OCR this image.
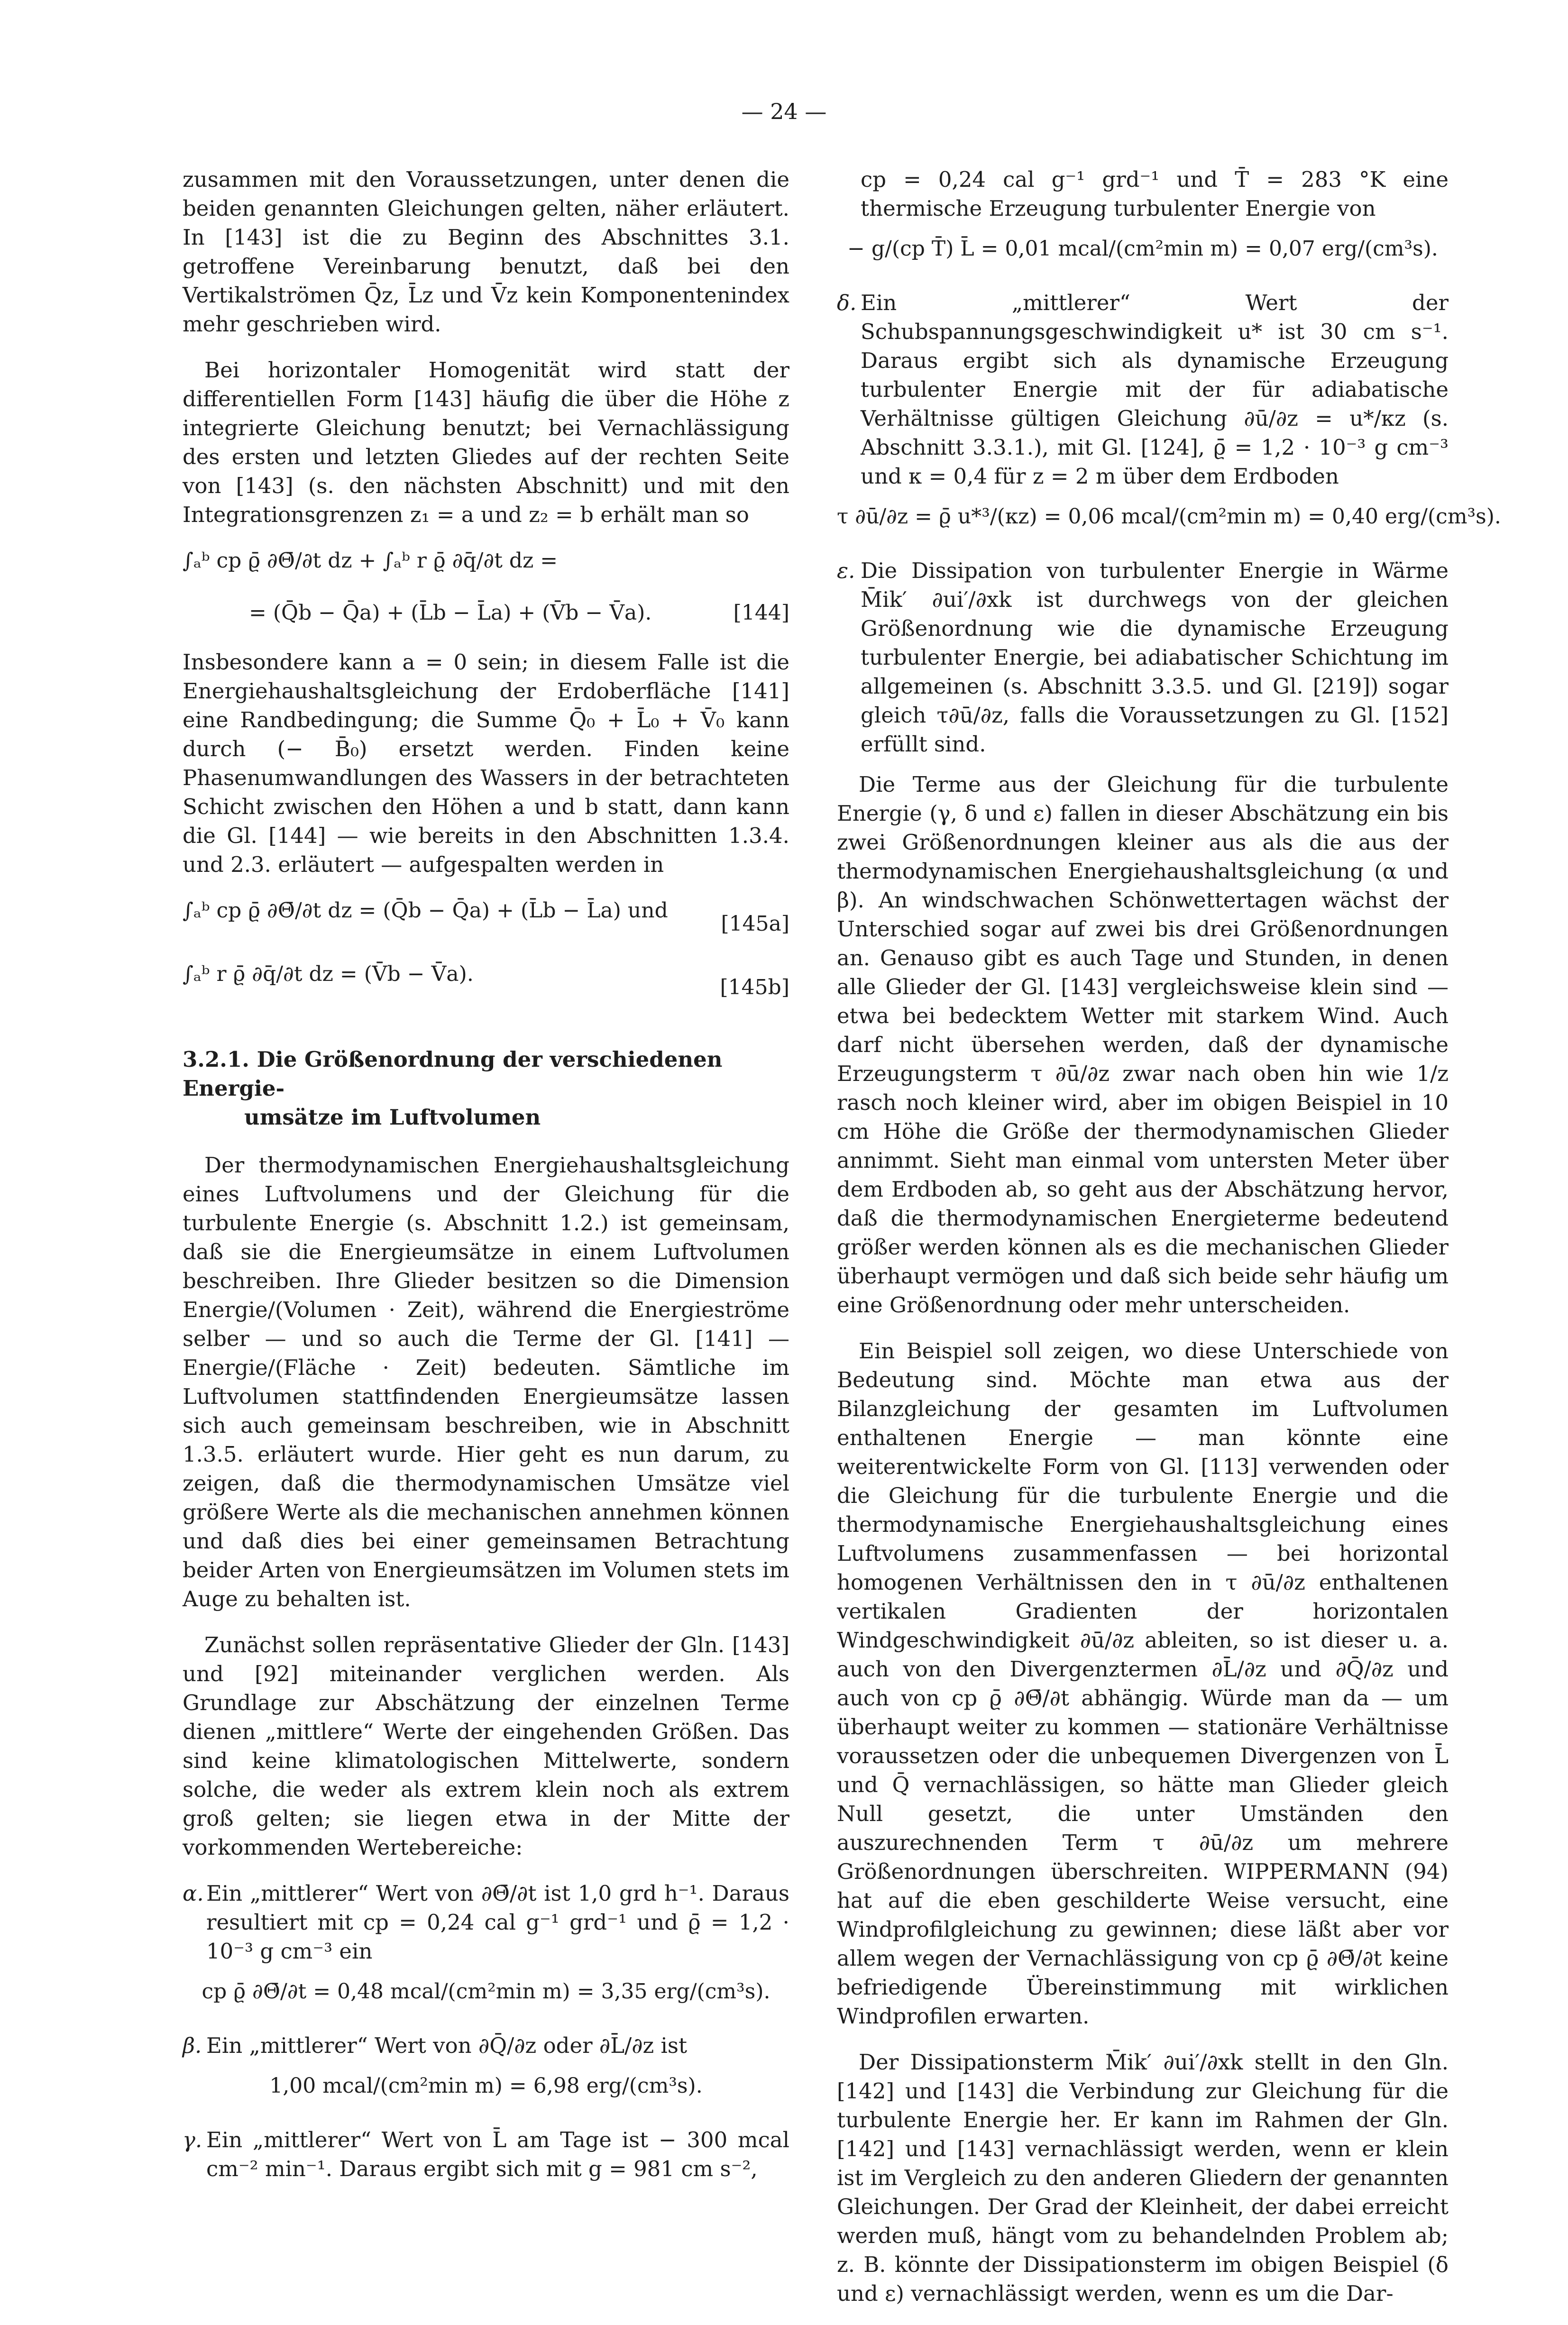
— 24 —

zusammen mit den Voraussetzungen, unter denen die beiden genannten Gleichungen gelten, näher erläutert. In [143] ist die zu Beginn des Abschnittes 3.1. getroffene Vereinbarung benutzt, daß bei den Vertikalströmen Q̄z, L̄z und V̄z kein Komponentenindex mehr geschrieben wird.

Bei horizontaler Homogenität wird statt der differentiellen Form [143] häufig die über die Höhe z integrierte Gleichung benutzt; bei Vernachlässigung des ersten und letzten Gliedes auf der rechten Seite von [143] (s. den nächsten Abschnitt) und mit den Integrationsgrenzen z₁ = a und z₂ = b erhält man so

∫ₐᵇ cp ϱ̄ ∂Θ̄/∂t dz + ∫ₐᵇ r ϱ̄ ∂q̄/∂t dz =
= (Q̄b − Q̄a) + (L̄b − L̄a) + (V̄b − V̄a).	[144]

Insbesondere kann a = 0 sein; in diesem Falle ist die Energiehaushaltsgleichung der Erdoberfläche [141] eine Randbedingung; die Summe Q̄₀ + L̄₀ + V̄₀ kann durch (− B̄₀) ersetzt werden. Finden keine Phasenumwandlungen des Wassers in der betrachteten Schicht zwischen den Höhen a und b statt, dann kann die Gl. [144] — wie bereits in den Abschnitten 1.3.4. und 2.3. erläutert — aufgespalten werden in

∫ₐᵇ cp ϱ̄ ∂Θ̄/∂t dz = (Q̄b − Q̄a) + (L̄b − L̄a) und
[145a]
∫ₐᵇ r ϱ̄ ∂q̄/∂t dz = (V̄b − V̄a).
[145b]
3.2.1. Die Größenordnung der verschiedenen Energie-
umsätze im Luftvolumen

Der thermodynamischen Energiehaushaltsgleichung eines Luftvolumens und der Gleichung für die turbulente Energie (s. Abschnitt 1.2.) ist gemeinsam, daß sie die Energieumsätze in einem Luftvolumen beschreiben. Ihre Glieder besitzen so die Dimension Energie/(Volumen · Zeit), während die Energieströme selber — und so auch die Terme der Gl. [141] — Energie/(Fläche · Zeit) bedeuten. Sämtliche im Luftvolumen stattfindenden Energieumsätze lassen sich auch gemeinsam beschreiben, wie in Abschnitt 1.3.5. erläutert wurde. Hier geht es nun darum, zu zeigen, daß die thermodynamischen Umsätze viel größere Werte als die mechanischen annehmen können und daß dies bei einer gemeinsamen Betrachtung beider Arten von Energieumsätzen im Volumen stets im Auge zu behalten ist.

Zunächst sollen repräsentative Glieder der Gln. [143] und [92] miteinander verglichen werden. Als Grundlage zur Abschätzung der einzelnen Terme dienen „mittlere“ Werte der eingehenden Größen. Das sind keine klimatologischen Mittelwerte, sondern solche, die weder als extrem klein noch als extrem groß gelten; sie liegen etwa in der Mitte der vorkommenden Wertebereiche:

α. Ein „mittlerer“ Wert von ∂Θ̄/∂t ist 1,0 grd h⁻¹. Daraus resultiert mit cp = 0,24 cal g⁻¹ grd⁻¹ und ϱ̄ = 1,2 · 10⁻³ g cm⁻³ ein
cp ϱ̄ ∂Θ̄/∂t = 0,48 mcal/(cm²min m) = 3,35 erg/(cm³s).
β. Ein „mittlerer“ Wert von ∂Q̄/∂z oder ∂L̄/∂z ist
1,00 mcal/(cm²min m) = 6,98 erg/(cm³s).
γ. Ein „mittlerer“ Wert von L̄ am Tage ist − 300 mcal cm⁻² min⁻¹. Daraus ergibt sich mit g = 981 cm s⁻²,
cp = 0,24 cal g⁻¹ grd⁻¹ und T̄ = 283 °K eine thermische Erzeugung turbulenter Energie von
− g/(cp T̄) L̄ = 0,01 mcal/(cm²min m) = 0,07 erg/(cm³s).
δ. Ein „mittlerer“ Wert der Schubspannungsgeschwindigkeit u* ist 30 cm s⁻¹. Daraus ergibt sich als dynamische Erzeugung turbulenter Energie mit der für adiabatische Verhältnisse gültigen Gleichung ∂ū/∂z = u*/κz (s. Abschnitt 3.3.1.), mit Gl. [124], ϱ̄ = 1,2 · 10⁻³ g cm⁻³ und κ = 0,4 für z = 2 m über dem Erdboden
τ ∂ū/∂z = ϱ̄ u*³/(κz) = 0,06 mcal/(cm²min m) = 0,40 erg/(cm³s).
ε. Die Dissipation von turbulenter Energie in Wärme M̄ik′ ∂ui′/∂xk ist durchwegs von der gleichen Größenordnung wie die dynamische Erzeugung turbulenter Energie, bei adiabatischer Schichtung im allgemeinen (s. Abschnitt 3.3.5. und Gl. [219]) sogar gleich τ∂ū/∂z, falls die Voraussetzungen zu Gl. [152] erfüllt sind.

Die Terme aus der Gleichung für die turbulente Energie (γ, δ und ε) fallen in dieser Abschätzung ein bis zwei Größenordnungen kleiner aus als die aus der thermodynamischen Energiehaushaltsgleichung (α und β). An windschwachen Schönwettertagen wächst der Unterschied sogar auf zwei bis drei Größenordnungen an. Genauso gibt es auch Tage und Stunden, in denen alle Glieder der Gl. [143] vergleichsweise klein sind — etwa bei bedecktem Wetter mit starkem Wind. Auch darf nicht übersehen werden, daß der dynamische Erzeugungsterm τ ∂ū/∂z zwar nach oben hin wie 1/z rasch noch kleiner wird, aber im obigen Beispiel in 10 cm Höhe die Größe der thermodynamischen Glieder annimmt. Sieht man einmal vom untersten Meter über dem Erdboden ab, so geht aus der Abschätzung hervor, daß die thermodynamischen Energieterme bedeutend größer werden können als es die mechanischen Glieder überhaupt vermögen und daß sich beide sehr häufig um eine Größenordnung oder mehr unterscheiden.

Ein Beispiel soll zeigen, wo diese Unterschiede von Bedeutung sind. Möchte man etwa aus der Bilanzgleichung der gesamten im Luftvolumen enthaltenen Energie — man könnte eine weiterentwickelte Form von Gl. [113] verwenden oder die Gleichung für die turbulente Energie und die thermodynamische Energiehaushaltsgleichung eines Luftvolumens zusammenfassen — bei horizontal homogenen Verhältnissen den in τ ∂ū/∂z enthaltenen vertikalen Gradienten der horizontalen Windgeschwindigkeit ∂ū/∂z ableiten, so ist dieser u. a. auch von den Divergenztermen ∂L̄/∂z und ∂Q̄/∂z und auch von cp ϱ̄ ∂Θ̄/∂t abhängig. Würde man da — um überhaupt weiter zu kommen — stationäre Verhältnisse voraussetzen oder die unbequemen Divergenzen von L̄ und Q̄ vernachlässigen, so hätte man Glieder gleich Null gesetzt, die unter Umständen den auszurechnenden Term τ ∂ū/∂z um mehrere Größenordnungen überschreiten. WIPPERMANN (94) hat auf die eben geschilderte Weise versucht, eine Windprofilgleichung zu gewinnen; diese läßt aber vor allem wegen der Vernachlässigung von cp ϱ̄ ∂Θ̄/∂t keine befriedigende Übereinstimmung mit wirklichen Windprofilen erwarten.

Der Dissipationsterm M̄ik′ ∂ui′/∂xk stellt in den Gln. [142] und [143] die Verbindung zur Gleichung für die turbulente Energie her. Er kann im Rahmen der Gln. [142] und [143] vernachlässigt werden, wenn er klein ist im Vergleich zu den anderen Gliedern der genannten Gleichungen. Der Grad der Kleinheit, der dabei erreicht werden muß, hängt vom zu behandelnden Problem ab; z. B. könnte der Dissipationsterm im obigen Beispiel (δ und ε) vernachlässigt werden, wenn es um die Dar-
